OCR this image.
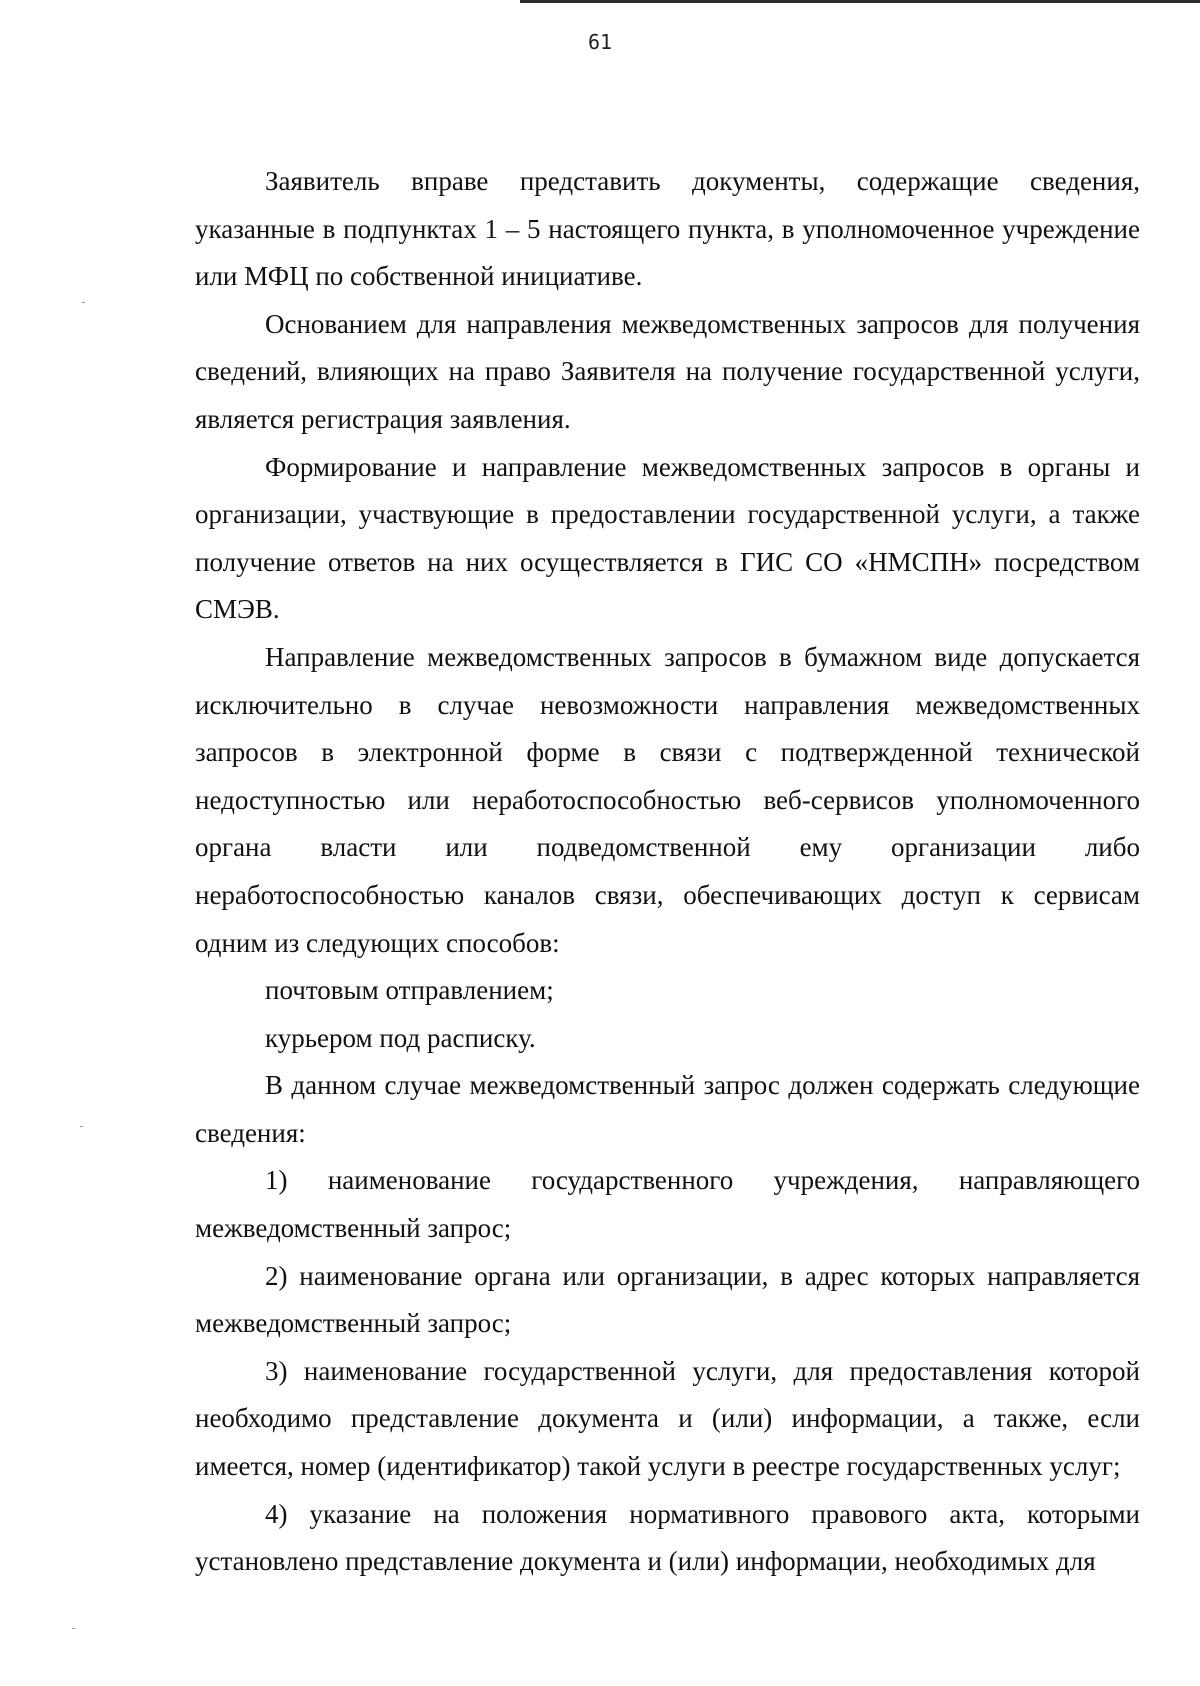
61

Заявитель вправе представить документы, содержащие сведения, указанные в подпунктах 1 – 5 настоящего пункта, в уполномоченное учреждение или МФЦ по собственной инициативе.

Основанием для направления межведомственных запросов для получения сведений, влияющих на право Заявителя на получение государственной услуги, является регистрация заявления.

Формирование и направление межведомственных запросов в органы и организации, участвующие в предоставлении государственной услуги, а также получение ответов на них осуществляется в ГИС СО «НМСПН» посредством СМЭВ.

Направление межведомственных запросов в бумажном виде допускается исключительно в случае невозможности направления межведомственных запросов в электронной форме в связи с подтвержденной технической недоступностью или неработоспособностью веб-сервисов уполномоченного органа власти или подведомственной ему организации либо неработоспособностью каналов связи, обеспечивающих доступ к сервисам одним из следующих способов:

почтовым отправлением;

курьером под расписку.

В данном случае межведомственный запрос должен содержать следующие сведения:

1) наименование государственного учреждения, направляющего межведомственный запрос;

2) наименование органа или организации, в адрес которых направляется межведомственный запрос;

3) наименование государственной услуги, для предоставления которой необходимо представление документа и (или) информации, а также, если имеется, номер (идентификатор) такой услуги в реестре государственных услуг;

4) указание на положения нормативного правового акта, которыми установлено представление документа и (или) информации, необходимых для
